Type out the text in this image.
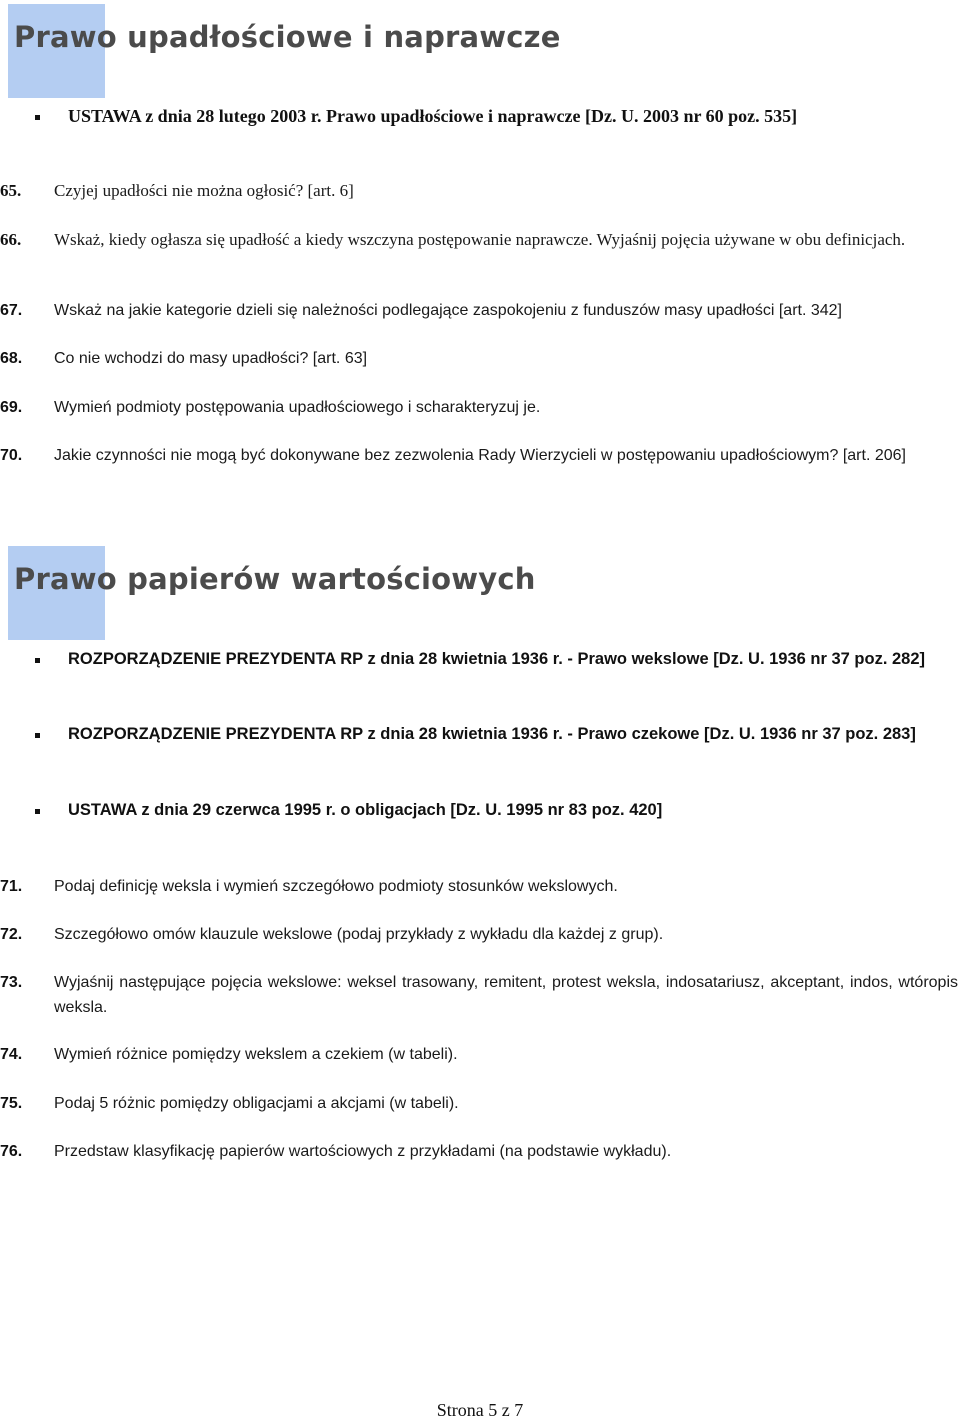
Prawo upadłościowe i naprawcze
USTAWA z dnia 28 lutego 2003 r. Prawo upadłościowe i naprawcze [Dz. U. 2003 nr 60 poz. 535]
65. Czyjej upadłości nie można ogłosić? [art. 6]
66. Wskaż, kiedy ogłasza się upadłość a kiedy wszczyna postępowanie naprawcze. Wyjaśnij pojęcia używane w obu definicjach.
67. Wskaż na jakie kategorie dzieli się należności podlegające zaspokojeniu z funduszów masy upadłości [art. 342]
68. Co nie wchodzi do masy upadłości? [art. 63]
69. Wymień podmioty postępowania upadłościowego i scharakteryzuj je.
70. Jakie czynności nie mogą być dokonywane bez zezwolenia Rady Wierzycieli w postępowaniu upadłościowym? [art. 206]
Prawo papierów wartościowych
ROZPORZĄDZENIE PREZYDENTA RP z dnia 28 kwietnia 1936 r. - Prawo wekslowe [Dz. U. 1936 nr 37 poz. 282]
ROZPORZĄDZENIE PREZYDENTA RP z dnia 28 kwietnia 1936 r. - Prawo czekowe [Dz. U. 1936 nr 37 poz. 283]
USTAWA z dnia 29 czerwca 1995 r. o obligacjach [Dz. U. 1995 nr 83 poz. 420]
71. Podaj definicję weksla i wymień szczegółowo podmioty stosunków wekslowych.
72. Szczegółowo omów klauzule wekslowe (podaj przykłady z wykładu dla każdej z grup).
73. Wyjaśnij następujące pojęcia wekslowe: weksel trasowany, remitent, protest weksla, indosatariusz, akceptant, indos, wtóropis weksla.
74. Wymień różnice pomiędzy wekslem a czekiem (w tabeli).
75. Podaj 5 różnic pomiędzy obligacjami a akcjami (w tabeli).
76. Przedstaw klasyfikację papierów wartościowych z przykładami (na podstawie wykładu).
Strona 5 z 7
